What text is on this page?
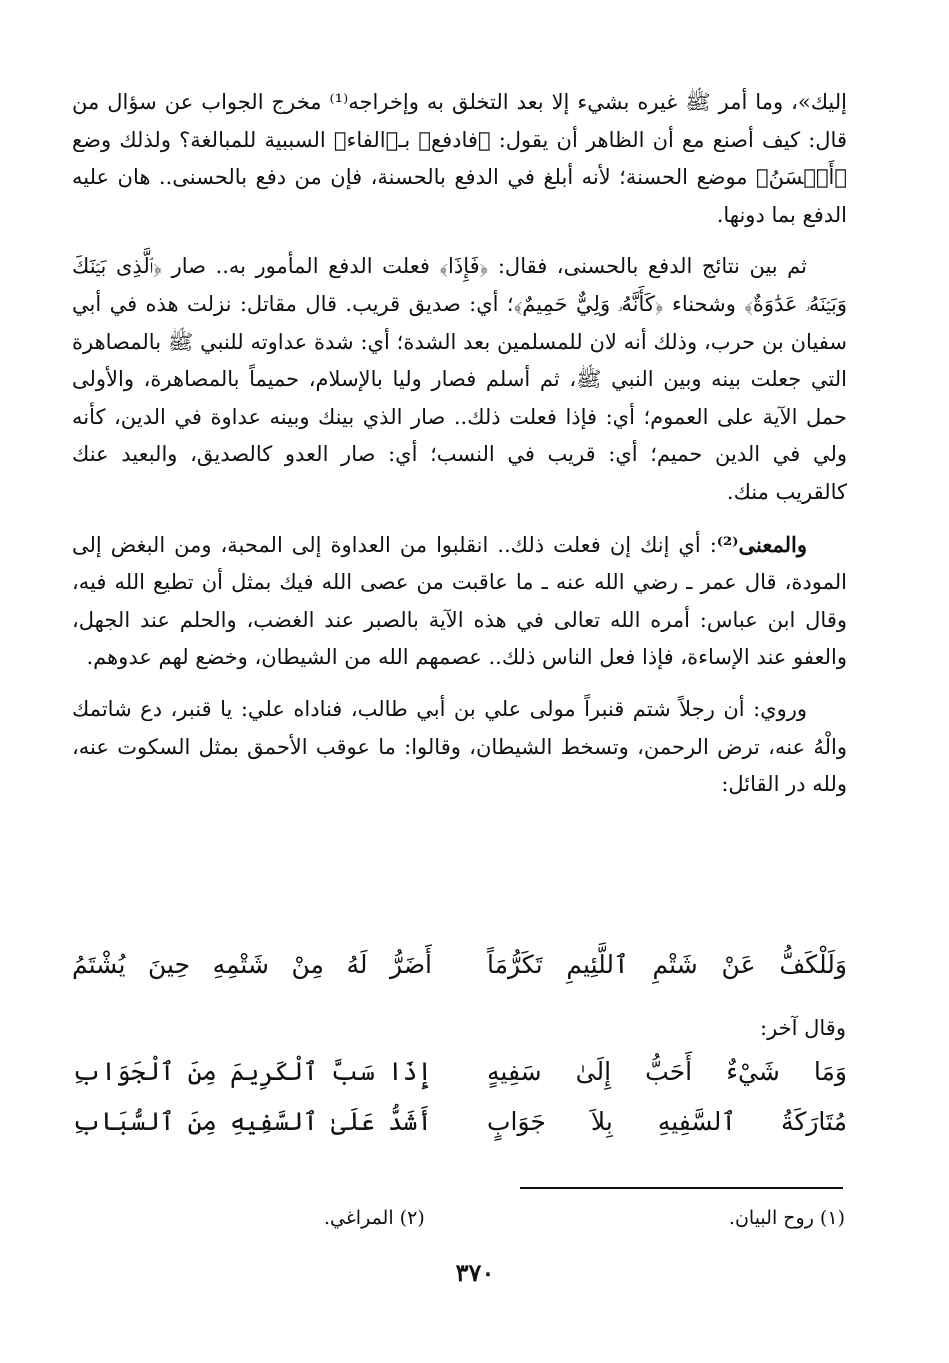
إليك»، وما أمر ﷺ غيره بشيء إلا بعد التخلق به وإخراجه⁽¹⁾ مخرج الجواب عن سؤال من قال: كيف أصنع مع أن الظاهر أن يقول: ﴿فادفع﴾ بـ﴿الفاء﴾ السببية للمبالغة؟ ولذلك وضع ﴿أَحۡسَنُ﴾ موضع الحسنة؛ لأنه أبلغ في الدفع بالحسنة، فإن من دفع بالحسنى.. هان عليه الدفع بما دونها.

ثم بين نتائج الدفع بالحسنى، فقال: ﴿فَإِذَا﴾ فعلت الدفع المأمور به.. صار ﴿ٱلَّذِى بَيۡنَكَ وَبَيۡنَهُۥ عَدَٰوَةٌ﴾ وشحناء ﴿كَأَنَّهُۥ وَلِيٌّ حَمِيمٌ﴾؛ أي: صديق قريب. قال مقاتل: نزلت هذه في أبي سفيان بن حرب، وذلك أنه لان للمسلمين بعد الشدة؛ أي: شدة عداوته للنبي ﷺ بالمصاهرة التي جعلت بينه وبين النبي ﷺ، ثم أسلم فصار وليا بالإسلام، حميماً بالمصاهرة، والأولى حمل الآية على العموم؛ أي: فإذا فعلت ذلك.. صار الذي بينك وبينه عداوة في الدين، كأنه ولي في الدين حميم؛ أي: قريب في النسب؛ أي: صار العدو كالصديق، والبعيد عنك كالقريب منك.

والمعنى⁽²⁾: أي إنك إن فعلت ذلك.. انقلبوا من العداوة إلى المحبة، ومن البغض إلى المودة، قال عمر ـ رضي الله عنه ـ ما عاقبت من عصى الله فيك بمثل أن تطيع الله فيه، وقال ابن عباس: أمره الله تعالى في هذه الآية بالصبر عند الغضب، والحلم عند الجهل، والعفو عند الإساءة، فإذا فعل الناس ذلك.. عصمهم الله من الشيطان، وخضع لهم عدوهم.

وروي: أن رجلاً شتم قنبراً مولى علي بن أبي طالب، فناداه علي: يا قنبر، دع شاتمك والْهُ عنه، ترض الرحمن، وتسخط الشيطان، وقالوا: ما عوقب الأحمق بمثل السكوت عنه، ولله در القائل:

وَلَلْكَفُّ عَنْ شَتْمِ ٱللَّئِيمِ تَكَرُّمَاً
أَضَرُّ لَهُ مِنْ شَتْمِهِ حِينَ يُشْتَمُ
وقال آخر:
وَمَا شَيْءٌ أَحَبُّ إِلَىٰ سَفِيهٍ
إِذَا سَبَّ ٱلْكَرِيمَ مِنَ ٱلْجَوَابِ
مُتَارَكَةُ ٱلسَّفِيهِ بِلاَ جَوَابٍ
أَشَدُّ عَلَىٰ ٱلسَّفِيهِ مِنَ ٱلسُّبَابِ
(١) روح البيان.
(٢) المراغي.
٣٧٠
